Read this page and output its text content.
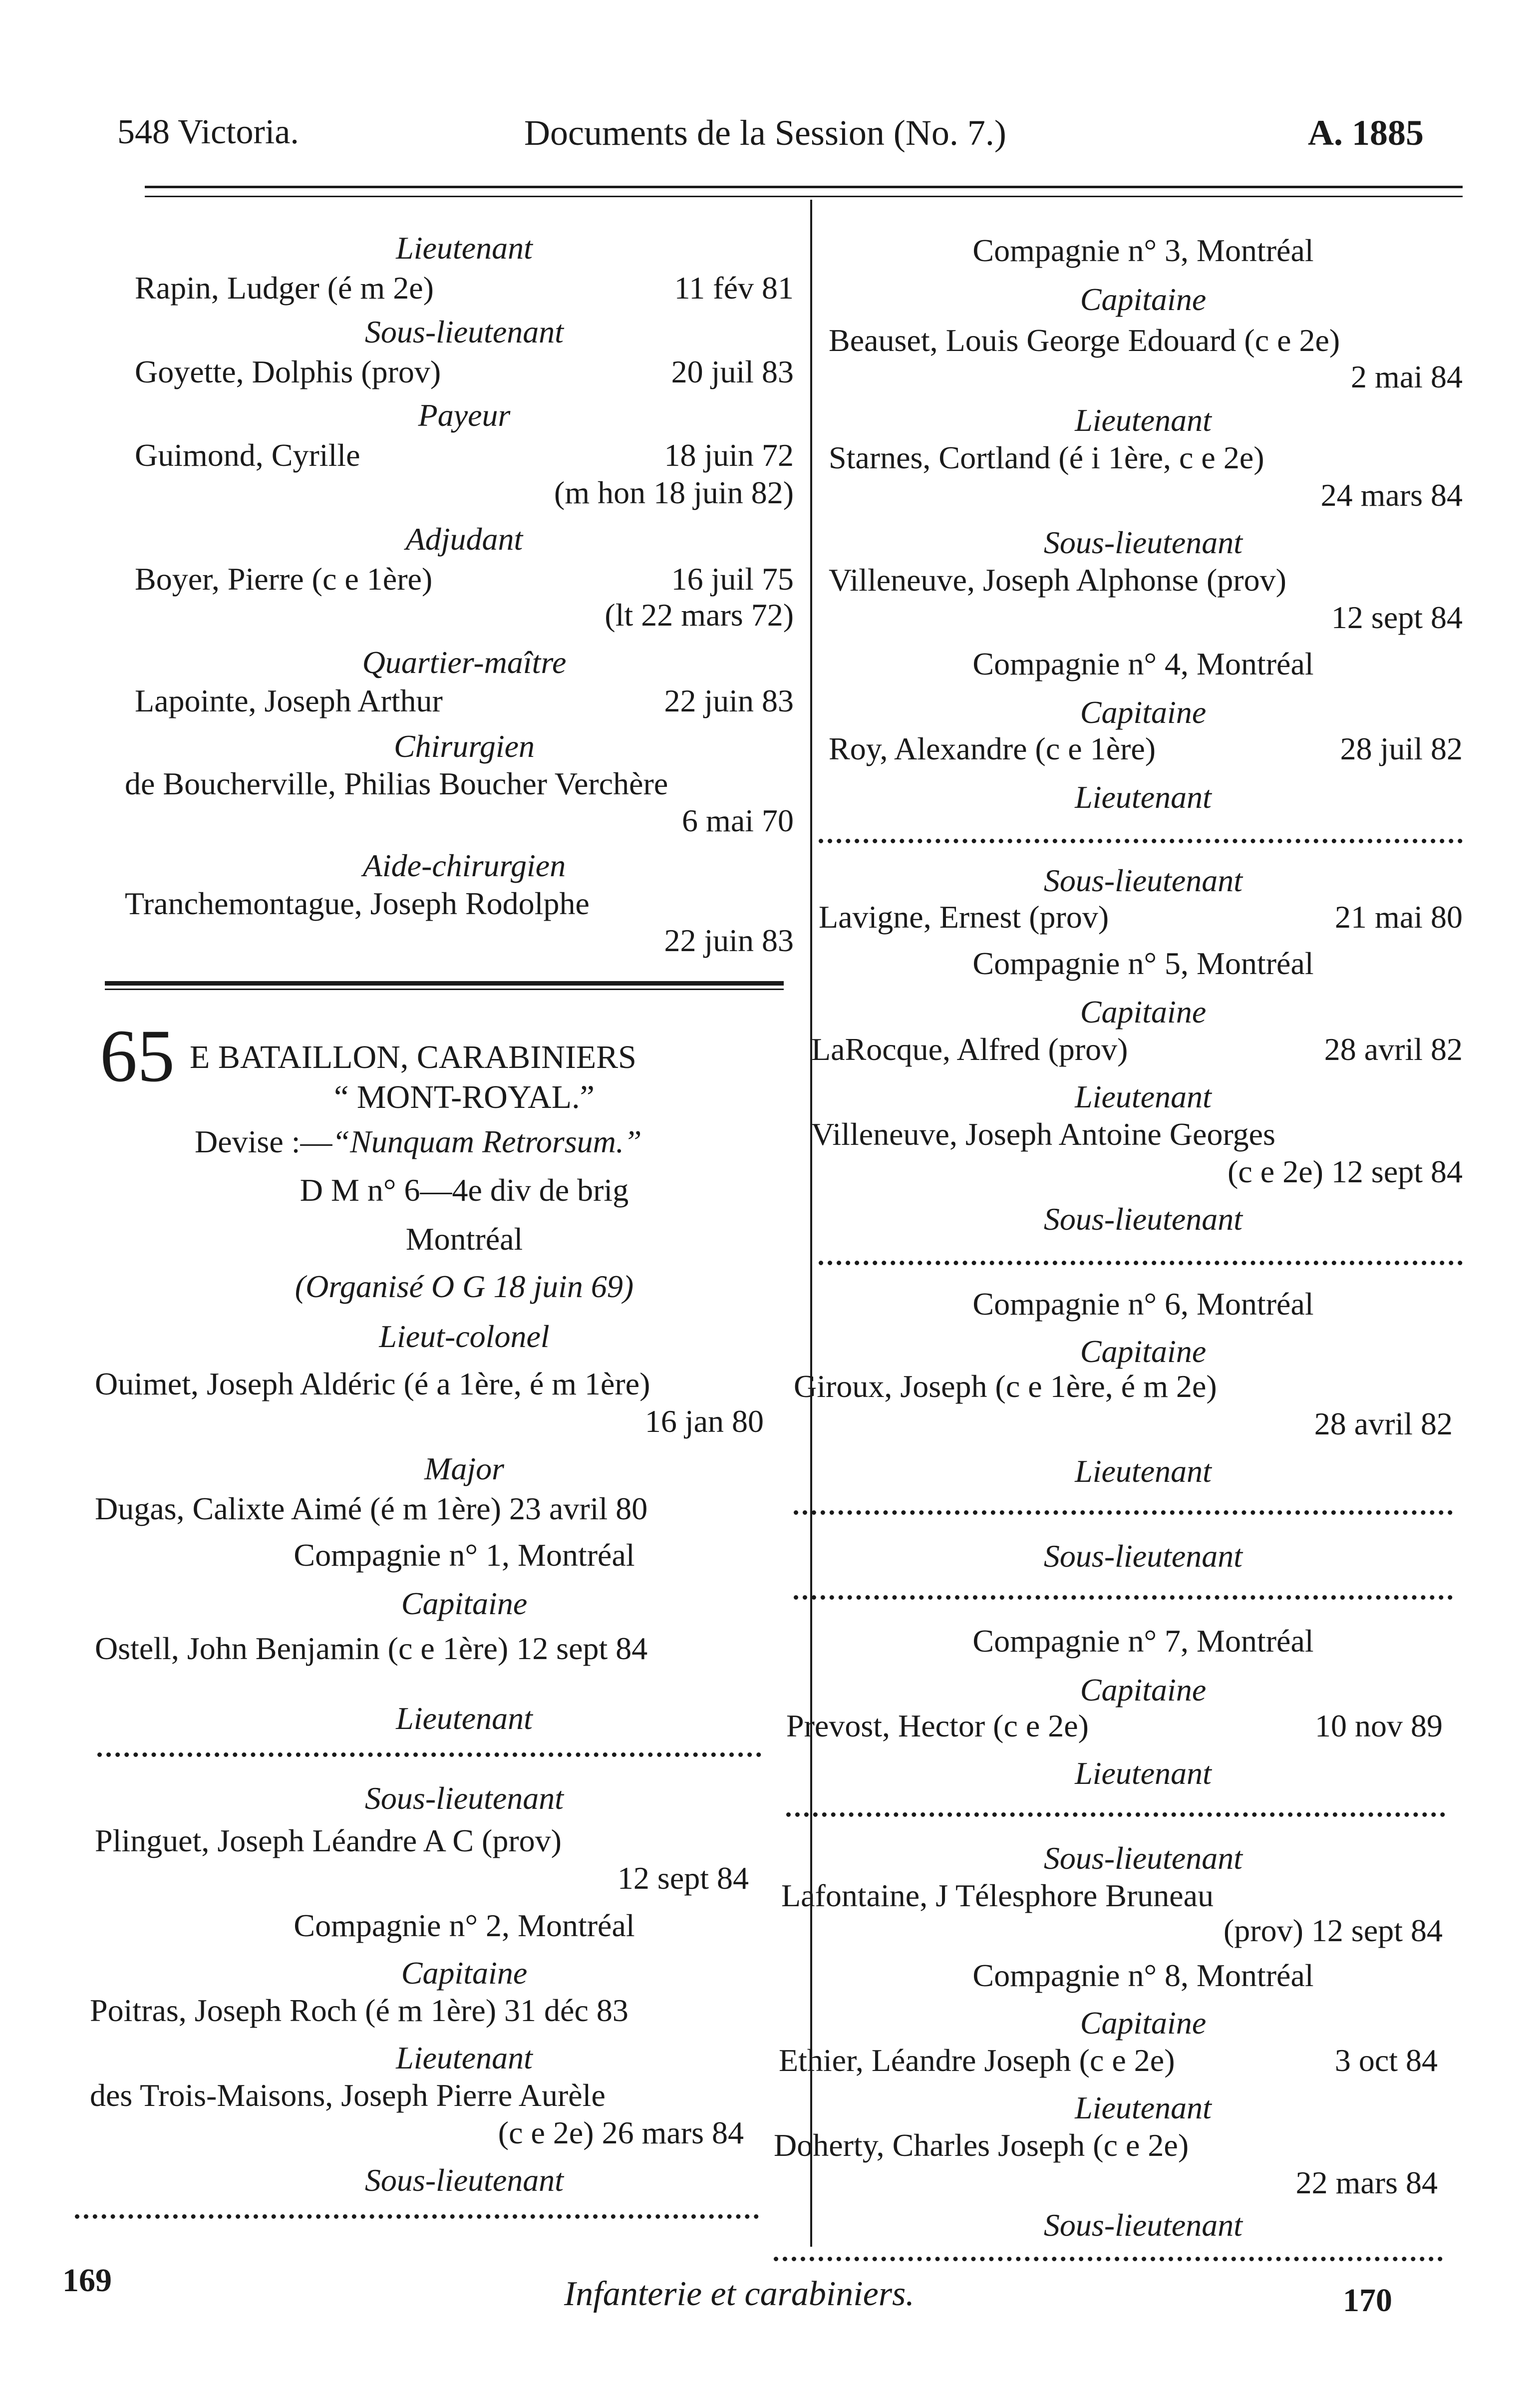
548 Victoria.	Documents de la Session (No. 7.)	A. 1885
Lieutenant
Rapin, Ludger (é m 2e)	11 fév 81
Sous-lieutenant
Goyette, Dolphis (prov)	20 juil 83
Payeur
Guimond, Cyrille	18 juin 72
(m hon 18 juin 82)
Adjudant
Boyer, Pierre (c e 1ère)	16 juil 75
(lt 22 mars 72)
Quartier-maître
Lapointe, Joseph Arthur	22 juin 83
Chirurgien
de Boucherville, Philias Boucher Verchère
6 mai 70
Aide-chirurgien
Tranchemontague, Joseph Rodolphe
22 juin 83
65 E BATAILLON, CARABINIERS
“ MONT-ROYAL.”
Devise :—“Nunquam Retrorsum.”
D M n° 6—4e div de brig
Montréal
(Organisé O G 18 juin 69)
Lieut-colonel
Ouimet, Joseph Aldéric (é a 1ère, é m 1ère)
16 jan 80
Major
Dugas, Calixte Aimé (é m 1ère) 23 avril 80
Compagnie n° 1, Montréal
Capitaine
Ostell, John Benjamin (c e 1ère) 12 sept 84
Lieutenant
Sous-lieutenant
Plinguet, Joseph Léandre A C (prov)
12 sept 84
Compagnie n° 2, Montréal
Capitaine
Poitras, Joseph Roch (é m 1ère) 31 déc 83
Lieutenant
des Trois-Maisons, Joseph Pierre Aurèle
(c e 2e) 26 mars 84
Sous-lieutenant
Compagnie n° 3, Montréal
Capitaine
Beauset, Louis George Edouard (c e 2e)
2 mai 84
Lieutenant
Starnes, Cortland (é i 1ère, c e 2e)
24 mars 84
Sous-lieutenant
Villeneuve, Joseph Alphonse (prov)
12 sept 84
Compagnie n° 4, Montréal
Capitaine
Roy, Alexandre (c e 1ère)	28 juil 82
Lieutenant
Sous-lieutenant
Lavigne, Ernest (prov)	21 mai 80
Compagnie n° 5, Montréal
Capitaine
LaRocque, Alfred (prov)	28 avril 82
Lieutenant
Villeneuve, Joseph Antoine Georges
(c e 2e) 12 sept 84
Sous-lieutenant
Compagnie n° 6, Montréal
Capitaine
Giroux, Joseph (c e 1ère, é m 2e)
28 avril 82
Lieutenant
Sous-lieutenant
Compagnie n° 7, Montréal
Capitaine
Prevost, Hector (c e 2e)	10 nov 89
Lieutenant
Sous-lieutenant
Lafontaine, J Télesphore Bruneau
(prov) 12 sept 84
Compagnie n° 8, Montréal
Capitaine
Ethier, Léandre Joseph (c e 2e)	3 oct 84
Lieutenant
Doherty, Charles Joseph (c e 2e)
22 mars 84
Sous-lieutenant
169	Infanterie et carabiniers.	170
